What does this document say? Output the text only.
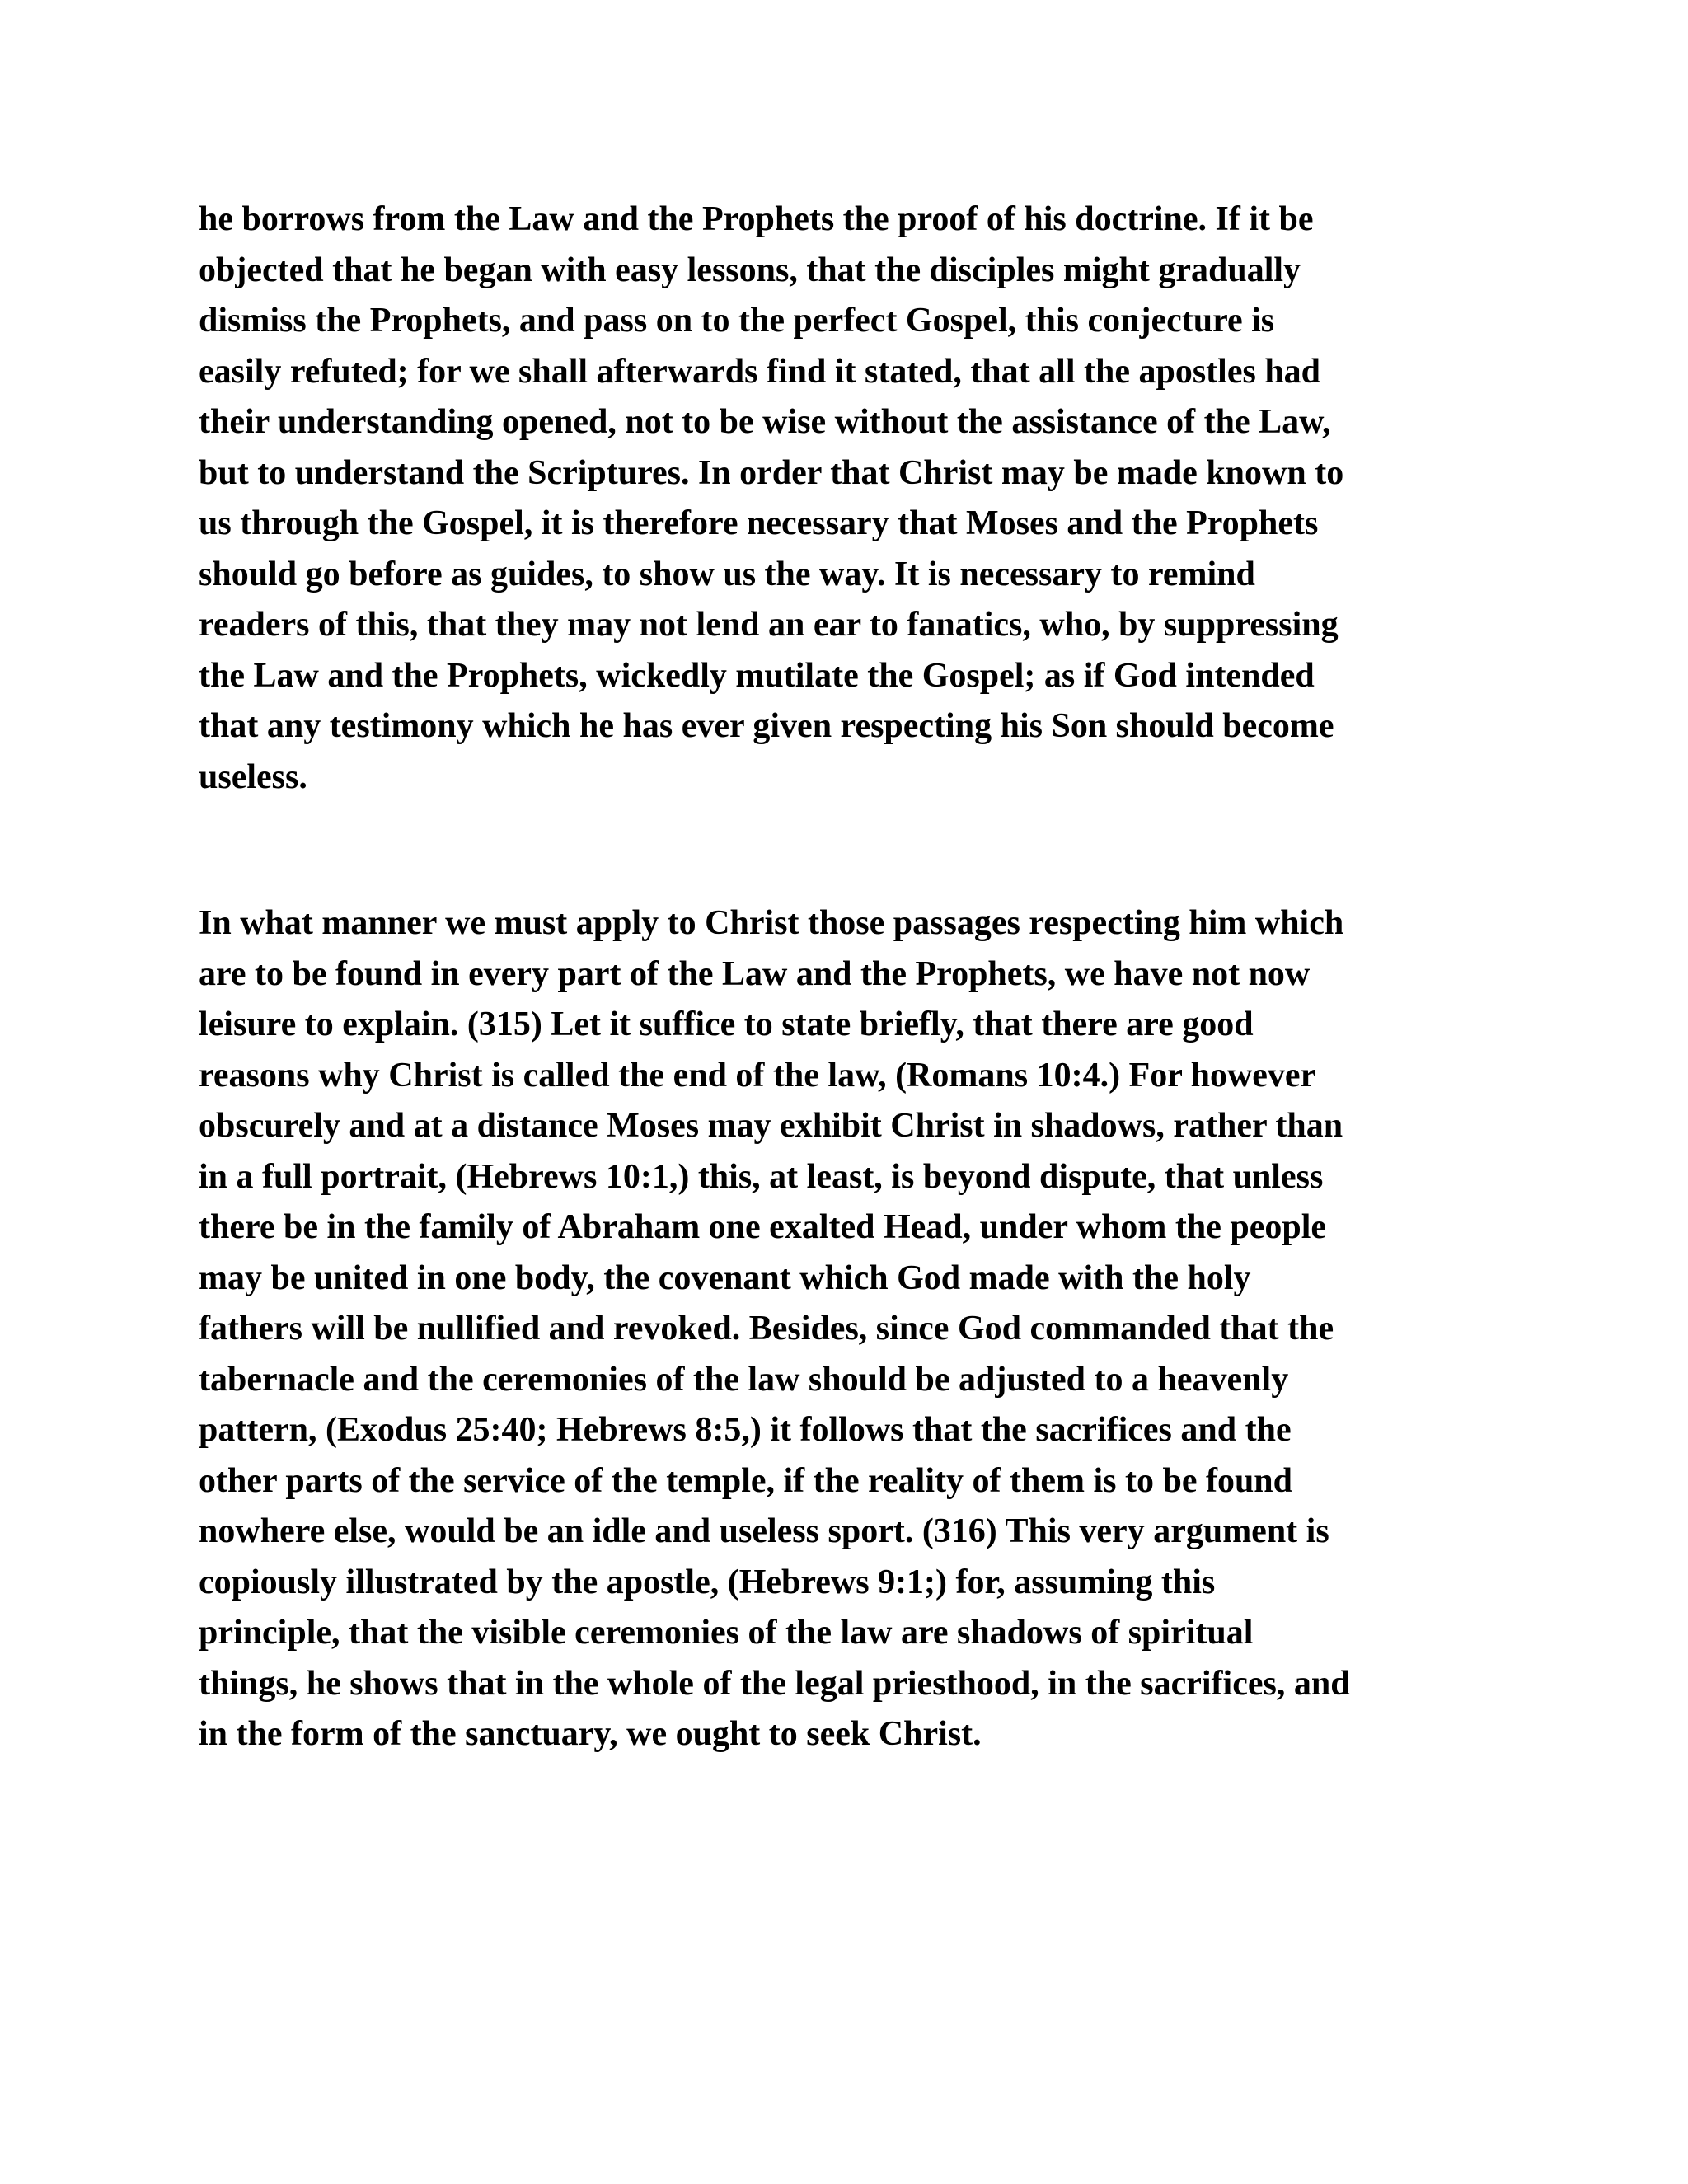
he borrows from the Law and the Prophets the proof of his doctrine. If it be
objected that he began with easy lessons, that the disciples might gradually
dismiss the Prophets, and pass on to the perfect Gospel, this conjecture is
easily refuted; for we shall afterwards find it stated, that all the apostles had
their understanding opened, not to be wise without the assistance of the Law,
but to understand the Scriptures. In order that Christ may be made known to
us through the Gospel, it is therefore necessary that Moses and the Prophets
should go before as guides, to show us the way. It is necessary to remind
readers of this, that they may not lend an ear to fanatics, who, by suppressing
the Law and the Prophets, wickedly mutilate the Gospel; as if God intended
that any testimony which he has ever given respecting his Son should become
useless.
In what manner we must apply to Christ those passages respecting him which
are to be found in every part of the Law and the Prophets, we have not now
leisure to explain. (315) Let it suffice to state briefly, that there are good
reasons why Christ is called the end of the law, (Romans 10:4.) For however
obscurely and at a distance Moses may exhibit Christ in shadows, rather than
in a full portrait, (Hebrews 10:1,) this, at least, is beyond dispute, that unless
there be in the family of Abraham one exalted Head, under whom the people
may be united in one body, the covenant which God made with the holy
fathers will be nullified and revoked. Besides, since God commanded that the
tabernacle and the ceremonies of the law should be adjusted to a heavenly
pattern, (Exodus 25:40; Hebrews 8:5,) it follows that the sacrifices and the
other parts of the service of the temple, if the reality of them is to be found
nowhere else, would be an idle and useless sport. (316) This very argument is
copiously illustrated by the apostle, (Hebrews 9:1;) for, assuming this
principle, that the visible ceremonies of the law are shadows of spiritual
things, he shows that in the whole of the legal priesthood, in the sacrifices, and
in the form of the sanctuary, we ought to seek Christ.
